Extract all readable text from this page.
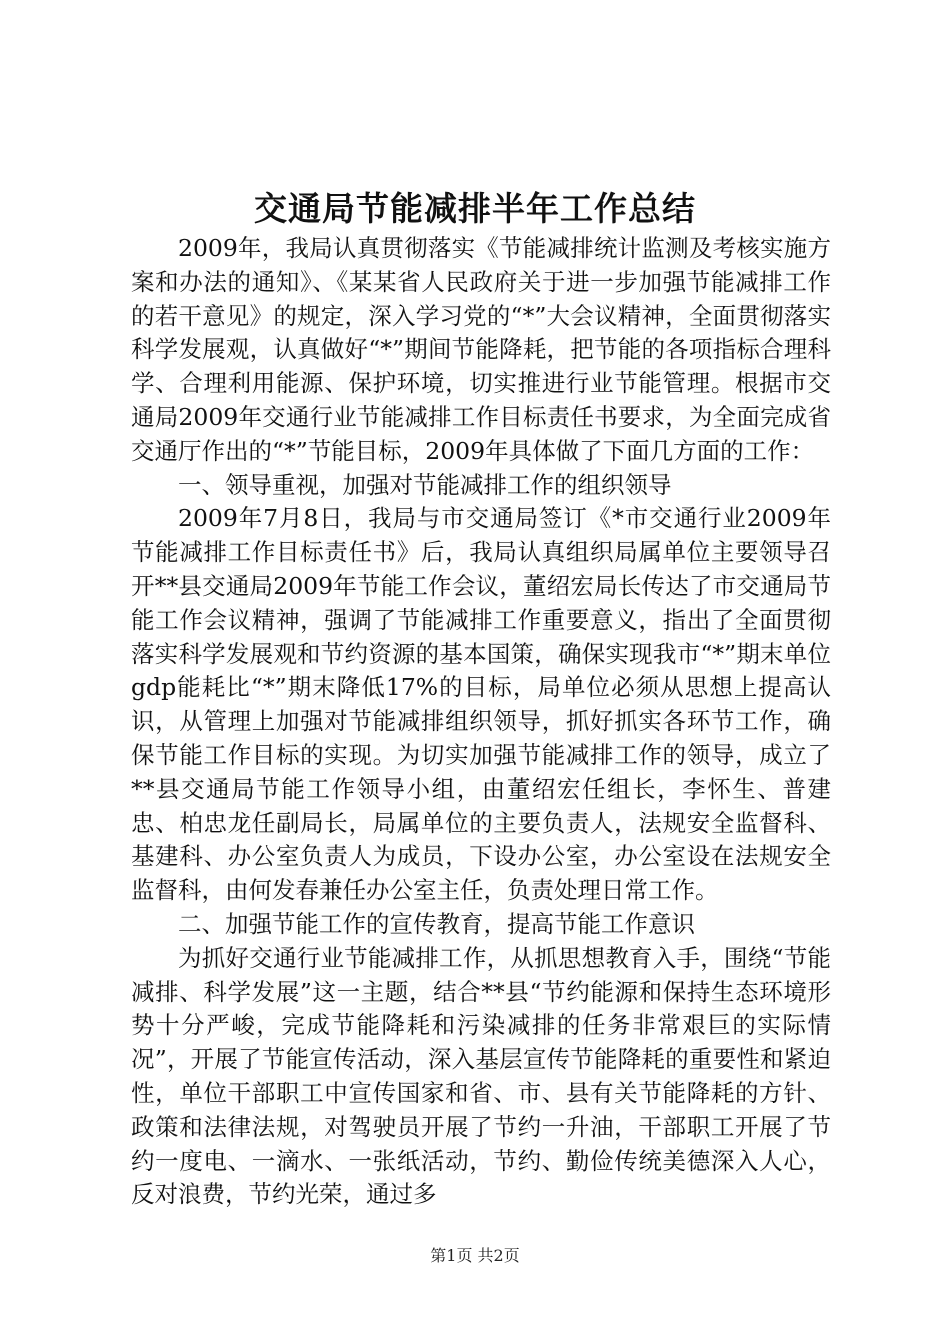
交通局节能减排半年工作总结

2009年，我局认真贯彻落实《节能减排统计监测及考核实施方案和办法的通知》、《某某省人民政府关于进一步加强节能减排工作的若干意见》的规定，深入学习党的“*”大会议精神，全面贯彻落实科学发展观，认真做好“*”期间节能降耗，把节能的各项指标合理科学、合理利用能源、保护环境，切实推进行业节能管理。根据市交通局2009年交通行业节能减排工作目标责任书要求，为全面完成省交通厅作出的“*”节能目标，2009年具体做了下面几方面的工作：

一、领导重视，加强对节能减排工作的组织领导

2009年7月8日，我局与市交通局签订《*市交通行业2009年节能减排工作目标责任书》后，我局认真组织局属单位主要领导召开**县交通局2009年节能工作会议，董绍宏局长传达了市交通局节能工作会议精神，强调了节能减排工作重要意义，指出了全面贯彻落实科学发展观和节约资源的基本国策，确保实现我市“*”期末单位gdp能耗比“*”期末降低17%的目标，局单位必须从思想上提高认识，从管理上加强对节能减排组织领导，抓好抓实各环节工作，确保节能工作目标的实现。为切实加强节能减排工作的领导，成立了**县交通局节能工作领导小组，由董绍宏任组长，李怀生、普建忠、柏忠龙任副局长，局属单位的主要负责人，法规安全监督科、基建科、办公室负责人为成员，下设办公室，办公室设在法规安全监督科，由何发春兼任办公室主任，负责处理日常工作。

二、加强节能工作的宣传教育，提高节能工作意识

为抓好交通行业节能减排工作，从抓思想教育入手，围绕“节能减排、科学发展”这一主题，结合**县“节约能源和保持生态环境形势十分严峻，完成节能降耗和污染减排的任务非常艰巨的实际情况”，开展了节能宣传活动，深入基层宣传节能降耗的重要性和紧迫性，单位干部职工中宣传国家和省、市、县有关节能降耗的方针、政策和法律法规，对驾驶员开展了节约一升油，干部职工开展了节约一度电、一滴水、一张纸活动，节约、勤俭传统美德深入人心，反对浪费，节约光荣，通过多

第1页 共2页
